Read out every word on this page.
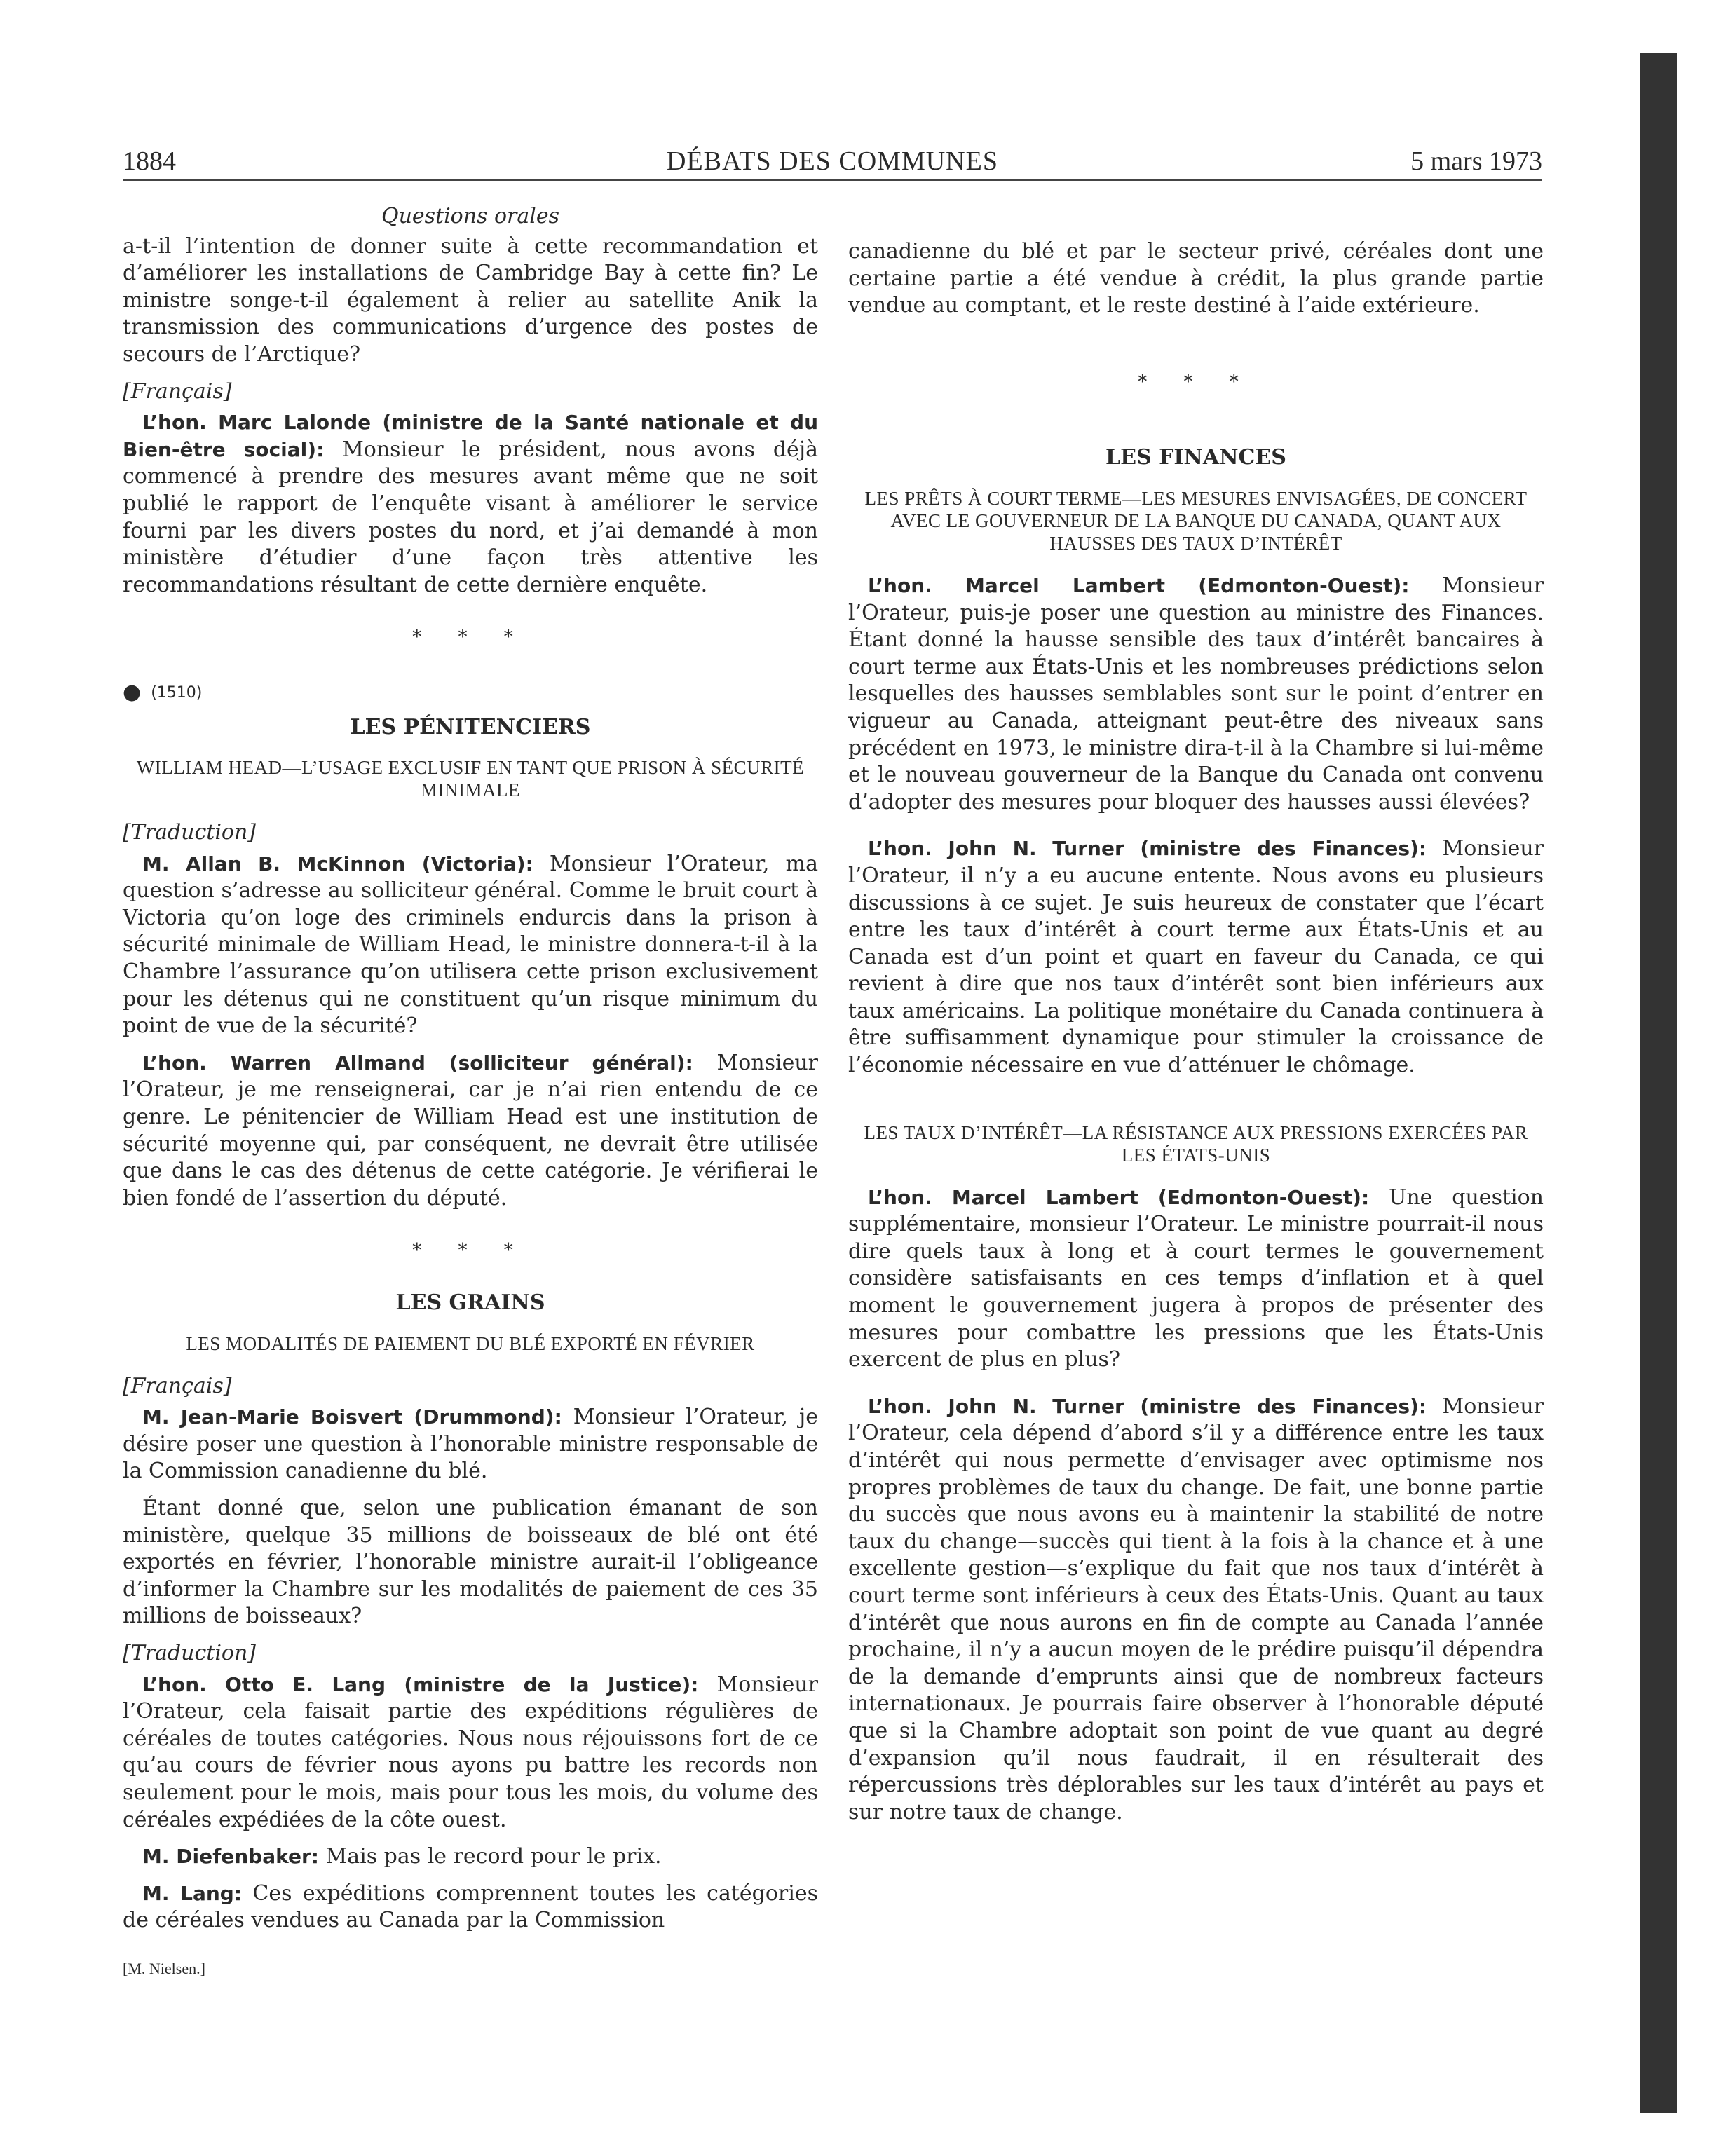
1884	DÉBATS DES COMMUNES	5 mars 1973
Questions orales

a-t-il l’intention de donner suite à cette recommandation et d’améliorer les installations de Cambridge Bay à cette fin? Le ministre songe-t-il également à relier au satellite Anik la transmission des communications d’urgence des postes de secours de l’Arctique?

[Français]

L’hon. Marc Lalonde (ministre de la Santé nationale et du Bien-être social): Monsieur le président, nous avons déjà commencé à prendre des mesures avant même que ne soit publié le rapport de l’enquête visant à améliorer le service fourni par les divers postes du nord, et j’ai demandé à mon ministère d’étudier d’une façon très attentive les recommandations résultant de cette dernière enquête.

* * *
● (1510)
LES PÉNITENCIERS
WILLIAM HEAD—L’USAGE EXCLUSIF EN TANT QUE PRISON À SÉCURITÉ MINIMALE
[Traduction]

M. Allan B. McKinnon (Victoria): Monsieur l’Orateur, ma question s’adresse au solliciteur général. Comme le bruit court à Victoria qu’on loge des criminels endurcis dans la prison à sécurité minimale de William Head, le ministre donnera-t-il à la Chambre l’assurance qu’on utilisera cette prison exclusivement pour les détenus qui ne constituent qu’un risque minimum du point de vue de la sécurité?

L’hon. Warren Allmand (solliciteur général): Monsieur l’Orateur, je me renseignerai, car je n’ai rien entendu de ce genre. Le pénitencier de William Head est une institution de sécurité moyenne qui, par conséquent, ne devrait être utilisée que dans le cas des détenus de cette catégorie. Je vérifierai le bien fondé de l’assertion du député.

* * *
LES GRAINS
LES MODALITÉS DE PAIEMENT DU BLÉ EXPORTÉ EN FÉVRIER
[Français]

M. Jean-Marie Boisvert (Drummond): Monsieur l’Orateur, je désire poser une question à l’honorable ministre responsable de la Commission canadienne du blé.

Étant donné que, selon une publication émanant de son ministère, quelque 35 millions de boisseaux de blé ont été exportés en février, l’honorable ministre aurait-il l’obligeance d’informer la Chambre sur les modalités de paiement de ces 35 millions de boisseaux?

[Traduction]

L’hon. Otto E. Lang (ministre de la Justice): Monsieur l’Orateur, cela faisait partie des expéditions régulières de céréales de toutes catégories. Nous nous réjouissons fort de ce qu’au cours de février nous ayons pu battre les records non seulement pour le mois, mais pour tous les mois, du volume des céréales expédiées de la côte ouest.

M. Diefenbaker: Mais pas le record pour le prix.

M. Lang: Ces expéditions comprennent toutes les catégories de céréales vendues au Canada par la Commission

[M. Nielsen.]

canadienne du blé et par le secteur privé, céréales dont une certaine partie a été vendue à crédit, la plus grande partie vendue au comptant, et le reste destiné à l’aide extérieure.

* * *
LES FINANCES
LES PRÊTS À COURT TERME—LES MESURES ENVISAGÉES, DE CONCERT AVEC LE GOUVERNEUR DE LA BANQUE DU CANADA, QUANT AUX HAUSSES DES TAUX D’INTÉRÊT

L’hon. Marcel Lambert (Edmonton-Ouest): Monsieur l’Orateur, puis-je poser une question au ministre des Finances. Étant donné la hausse sensible des taux d’intérêt bancaires à court terme aux États-Unis et les nombreuses prédictions selon lesquelles des hausses semblables sont sur le point d’entrer en vigueur au Canada, atteignant peut-être des niveaux sans précédent en 1973, le ministre dira-t-il à la Chambre si lui-même et le nouveau gouverneur de la Banque du Canada ont convenu d’adopter des mesures pour bloquer des hausses aussi élevées?

L’hon. John N. Turner (ministre des Finances): Monsieur l’Orateur, il n’y a eu aucune entente. Nous avons eu plusieurs discussions à ce sujet. Je suis heureux de constater que l’écart entre les taux d’intérêt à court terme aux États-Unis et au Canada est d’un point et quart en faveur du Canada, ce qui revient à dire que nos taux d’intérêt sont bien inférieurs aux taux américains. La politique monétaire du Canada continuera à être suffisamment dynamique pour stimuler la croissance de l’économie nécessaire en vue d’atténuer le chômage.

LES TAUX D’INTÉRÊT—LA RÉSISTANCE AUX PRESSIONS EXERCÉES PAR LES ÉTATS-UNIS

L’hon. Marcel Lambert (Edmonton-Ouest): Une question supplémentaire, monsieur l’Orateur. Le ministre pourrait-il nous dire quels taux à long et à court termes le gouvernement considère satisfaisants en ces temps d’inflation et à quel moment le gouvernement jugera à propos de présenter des mesures pour combattre les pressions que les États-Unis exercent de plus en plus?

L’hon. John N. Turner (ministre des Finances): Monsieur l’Orateur, cela dépend d’abord s’il y a différence entre les taux d’intérêt qui nous permette d’envisager avec optimisme nos propres problèmes de taux du change. De fait, une bonne partie du succès que nous avons eu à maintenir la stabilité de notre taux du change—succès qui tient à la fois à la chance et à une excellente gestion—s’explique du fait que nos taux d’intérêt à court terme sont inférieurs à ceux des États-Unis. Quant au taux d’intérêt que nous aurons en fin de compte au Canada l’année prochaine, il n’y a aucun moyen de le prédire puisqu’il dépendra de la demande d’emprunts ainsi que de nombreux facteurs internationaux. Je pourrais faire observer à l’honorable député que si la Chambre adoptait son point de vue quant au degré d’expansion qu’il nous faudrait, il en résulterait des répercussions très déplorables sur les taux d’intérêt au pays et sur notre taux de change.
